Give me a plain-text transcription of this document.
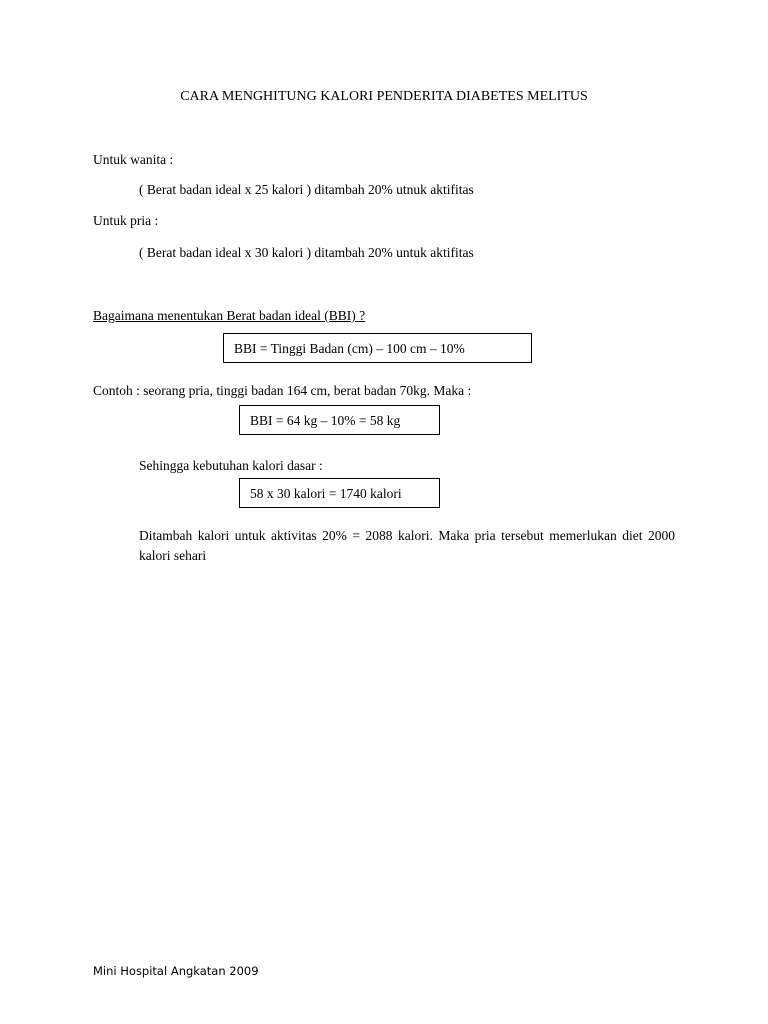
CARA MENGHITUNG KALORI PENDERITA DIABETES MELITUS
Untuk wanita :
( Berat badan ideal x 25 kalori ) ditambah 20% utnuk aktifitas
Untuk pria :
( Berat badan ideal x 30 kalori ) ditambah 20% untuk aktifitas
Bagaimana menentukan Berat badan ideal (BBI) ?
BBI = Tinggi Badan (cm) – 100 cm – 10%
Contoh : seorang pria, tinggi badan 164 cm, berat badan 70kg. Maka :
BBI = 64 kg – 10% = 58 kg
Sehingga kebutuhan kalori dasar :
58 x 30 kalori = 1740 kalori
Ditambah kalori untuk aktivitas 20% = 2088 kalori. Maka pria tersebut memerlukan diet 2000 kalori sehari
Mini Hospital Angkatan 2009
